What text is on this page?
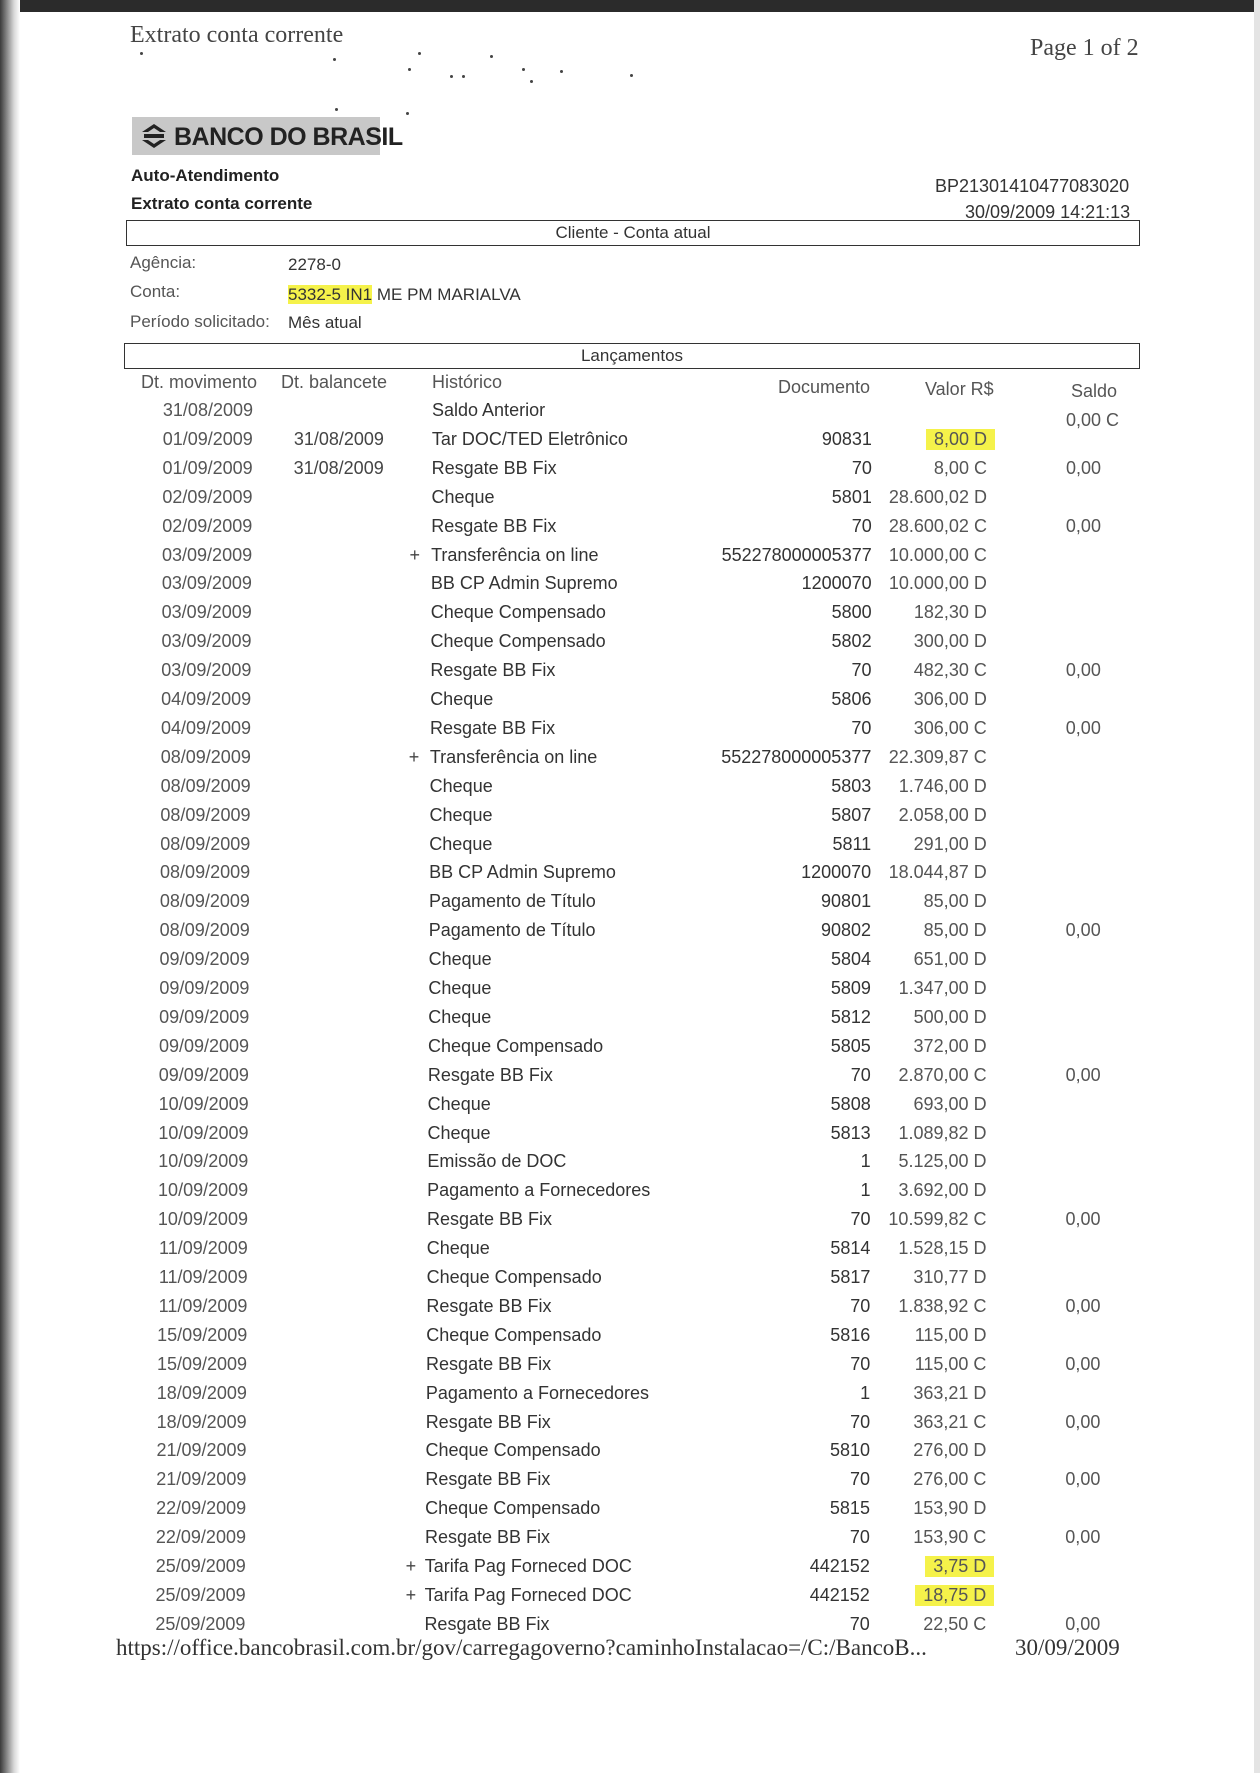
Extrato conta corrente	Page 1 of 2
BANCO DO BRASIL
Auto-Atendimento
Extrato conta corrente
BP21301410477083020
30/09/2009 14:21:13
Cliente - Conta atual
Agência:	2278-0
Conta:	5332-5 IN1 ME PM MARIALVA
Período solicitado: Mês atual
Lançamentos
Dt. movimento Dt. balancete Histórico	Documento	Valor R$	Saldo
31/08/2009	Saldo Anterior	0,00 C
01/09/2009 31/08/2009	Tar DOC/TED Eletrônico	90831	8,00 D
01/09/2009 31/08/2009	Resgate BB Fix	70	8,00 C	0,00
02/09/2009	Cheque	5801 28.600,02 D
02/09/2009	Resgate BB Fix	70 28.600,02 C	0,00
03/09/2009	+ Transferência on line	552278000005377 10.000,00 C
03/09/2009	BB CP Admin Supremo	1200070 10.000,00 D
03/09/2009	Cheque Compensado	5800	182,30 D
03/09/2009	Cheque Compensado	5802	300,00 D
03/09/2009	Resgate BB Fix	70	482,30 C	0,00
04/09/2009	Cheque	5806	306,00 D
04/09/2009	Resgate BB Fix	70	306,00 C	0,00
08/09/2009	+ Transferência on line	552278000005377 22.309,87 C
08/09/2009	Cheque	5803	1.746,00 D
08/09/2009	Cheque	5807	2.058,00 D
08/09/2009	Cheque	5811	291,00 D
08/09/2009	BB CP Admin Supremo	1200070 18.044,87 D
08/09/2009	Pagamento de Título	90801	85,00 D
08/09/2009	Pagamento de Título	90802	85,00 D	0,00
09/09/2009	Cheque	5804	651,00 D
09/09/2009	Cheque	5809	1.347,00 D
09/09/2009	Cheque	5812	500,00 D
09/09/2009	Cheque Compensado	5805	372,00 D
09/09/2009	Resgate BB Fix	70	2.870,00 C	0,00
10/09/2009	Cheque	5808	693,00 D
10/09/2009	Cheque	5813	1.089,82 D
10/09/2009	Emissão de DOC	1	5.125,00 D
10/09/2009	Pagamento a Fornecedores	1	3.692,00 D
10/09/2009	Resgate BB Fix	70 10.599,82 C	0,00
11/09/2009	Cheque	5814	1.528,15 D
11/09/2009	Cheque Compensado	5817	310,77 D
11/09/2009	Resgate BB Fix	70	1.838,92 C	0,00
15/09/2009	Cheque Compensado	5816	115,00 D
15/09/2009	Resgate BB Fix	70	115,00 C	0,00
18/09/2009	Pagamento a Fornecedores	1	363,21 D
18/09/2009	Resgate BB Fix	70	363,21 C	0,00
21/09/2009	Cheque Compensado	5810	276,00 D
21/09/2009	Resgate BB Fix	70	276,00 C	0,00
22/09/2009	Cheque Compensado	5815	153,90 D
22/09/2009	Resgate BB Fix	70	153,90 C	0,00
25/09/2009	+ Tarifa Pag Forneced DOC	442152	3,75 D
25/09/2009	+ Tarifa Pag Forneced DOC	442152	18,75 D
25/09/2009	Resgate BB Fix	70	22,50 C	0,00
https://office.bancobrasil.com.br/gov/carregagoverno?caminhoInstalacao=/C:/BancoB...	30/09/2009
